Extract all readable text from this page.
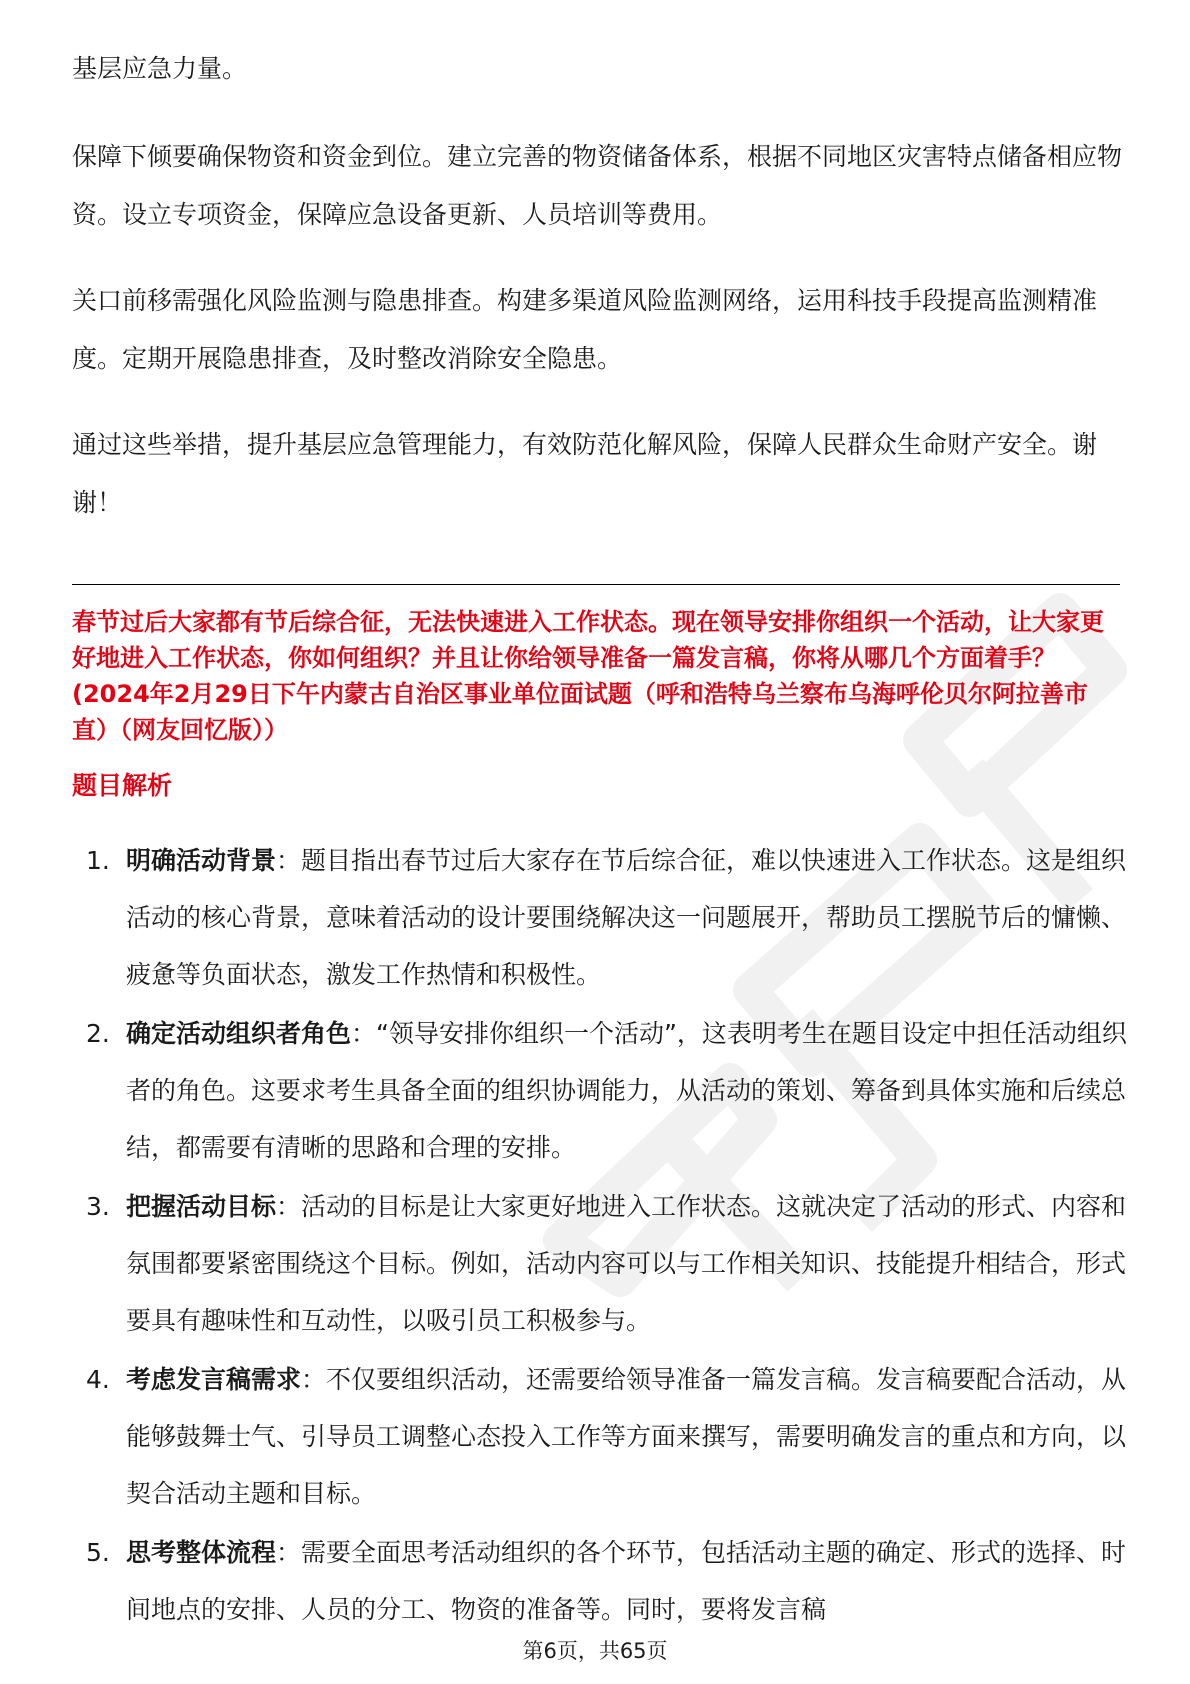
基层应急力量。

保障下倾要确保物资和资金到位。建立完善的物资储备体系，根据不同地区灾害特点储备相应物资。设立专项资金，保障应急设备更新、人员培训等费用。

关口前移需强化风险监测与隐患排查。构建多渠道风险监测网络，运用科技手段提高监测精准度。定期开展隐患排查，及时整改消除安全隐患。

通过这些举措，提升基层应急管理能力，有效防范化解风险，保障人民群众生命财产安全。谢谢！

春节过后大家都有节后综合征，无法快速进入工作状态。现在领导安排你组织一个活动，让大家更好地进入工作状态，你如何组织？并且让你给领导准备一篇发言稿，你将从哪几个方面着手？(2024年2月29日下午内蒙古自治区事业单位面试题（呼和浩特乌兰察布乌海呼伦贝尔阿拉善市直）（网友回忆版））

题目解析

1. 明确活动背景：题目指出春节过后大家存在节后综合征，难以快速进入工作状态。这是组织活动的核心背景，意味着活动的设计要围绕解决这一问题展开，帮助员工摆脱节后的慵懒、疲惫等负面状态，激发工作热情和积极性。
2. 确定活动组织者角色：“领导安排你组织一个活动”，这表明考生在题目设定中担任活动组织者的角色。这要求考生具备全面的组织协调能力，从活动的策划、筹备到具体实施和后续总结，都需要有清晰的思路和合理的安排。
3. 把握活动目标：活动的目标是让大家更好地进入工作状态。这就决定了活动的形式、内容和氛围都要紧密围绕这个目标。例如，活动内容可以与工作相关知识、技能提升相结合，形式要具有趣味性和互动性，以吸引员工积极参与。
4. 考虑发言稿需求：不仅要组织活动，还需要给领导准备一篇发言稿。发言稿要配合活动，从能够鼓舞士气、引导员工调整心态投入工作等方面来撰写，需要明确发言的重点和方向，以契合活动主题和目标。
5. 思考整体流程：需要全面思考活动组织的各个环节，包括活动主题的确定、形式的选择、时间地点的安排、人员的分工、物资的准备等。同时，要将发言稿

第6页，共65页
